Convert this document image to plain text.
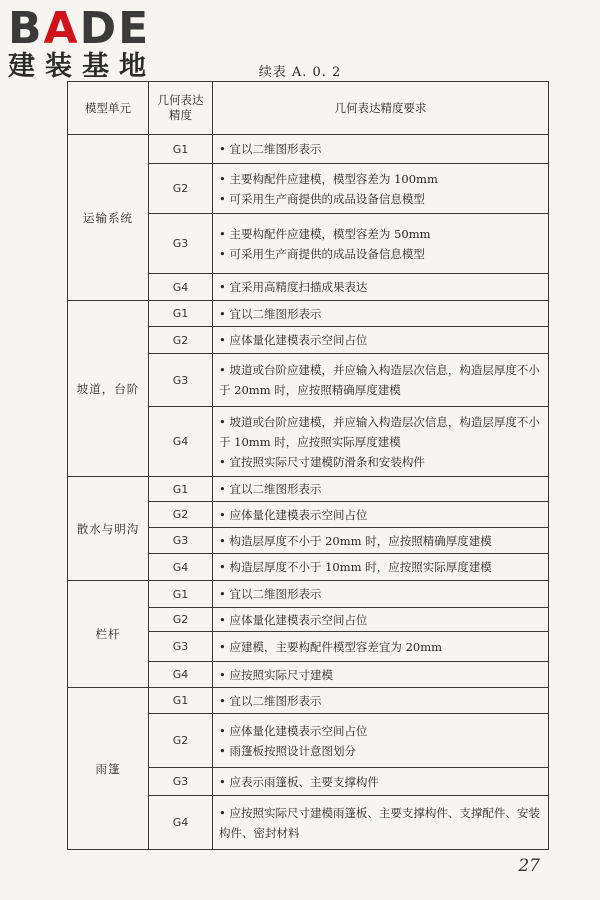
BADE
建装基地	续表 A. 0. 2
模型单元	几何表达精度	几何表达精度要求
运输系统	G1	• 宜以二维图形表示

	G2	• 主要构配件应建模，模型容差为 100mm
• 可采用生产商提供的成品设备信息模型

	G3	• 主要构配件应建模，模型容差为 50mm
• 可采用生产商提供的成品设备信息模型

	G4	• 宜采用高精度扫描成果表达

坡道，台阶	G1	• 宜以二维图形表示

	G2	• 应体量化建模表示空间占位

	G3	• 坡道或台阶应建模，并应输入构造层次信息，构造层厚度不小于 20mm 时，应按照精确厚度建模

	G4	• 坡道或台阶应建模，并应输入构造层次信息，构造层厚度不小于 10mm 时，应按照实际厚度建模
• 宜按照实际尺寸建模防滑条和安装构件

散水与明沟	G1	• 宜以二维图形表示

	G2	• 应体量化建模表示空间占位

	G3	• 构造层厚度不小于 20mm 时，应按照精确厚度建模

	G4	• 构造层厚度不小于 10mm 时，应按照实际厚度建模

栏杆	G1	• 宜以二维图形表示

	G2	• 应体量化建模表示空间占位

	G3	• 应建模，主要构配件模型容差宜为 20mm

	G4	• 应按照实际尺寸建模

雨篷	G1	• 宜以二维图形表示

	G2	• 应体量化建模表示空间占位
• 雨篷板按照设计意图划分

	G3	• 应表示雨篷板、主要支撑构件

	G4	• 应按照实际尺寸建模雨篷板、主要支撑构件、支撑配件、安装构件、密封材料
27
